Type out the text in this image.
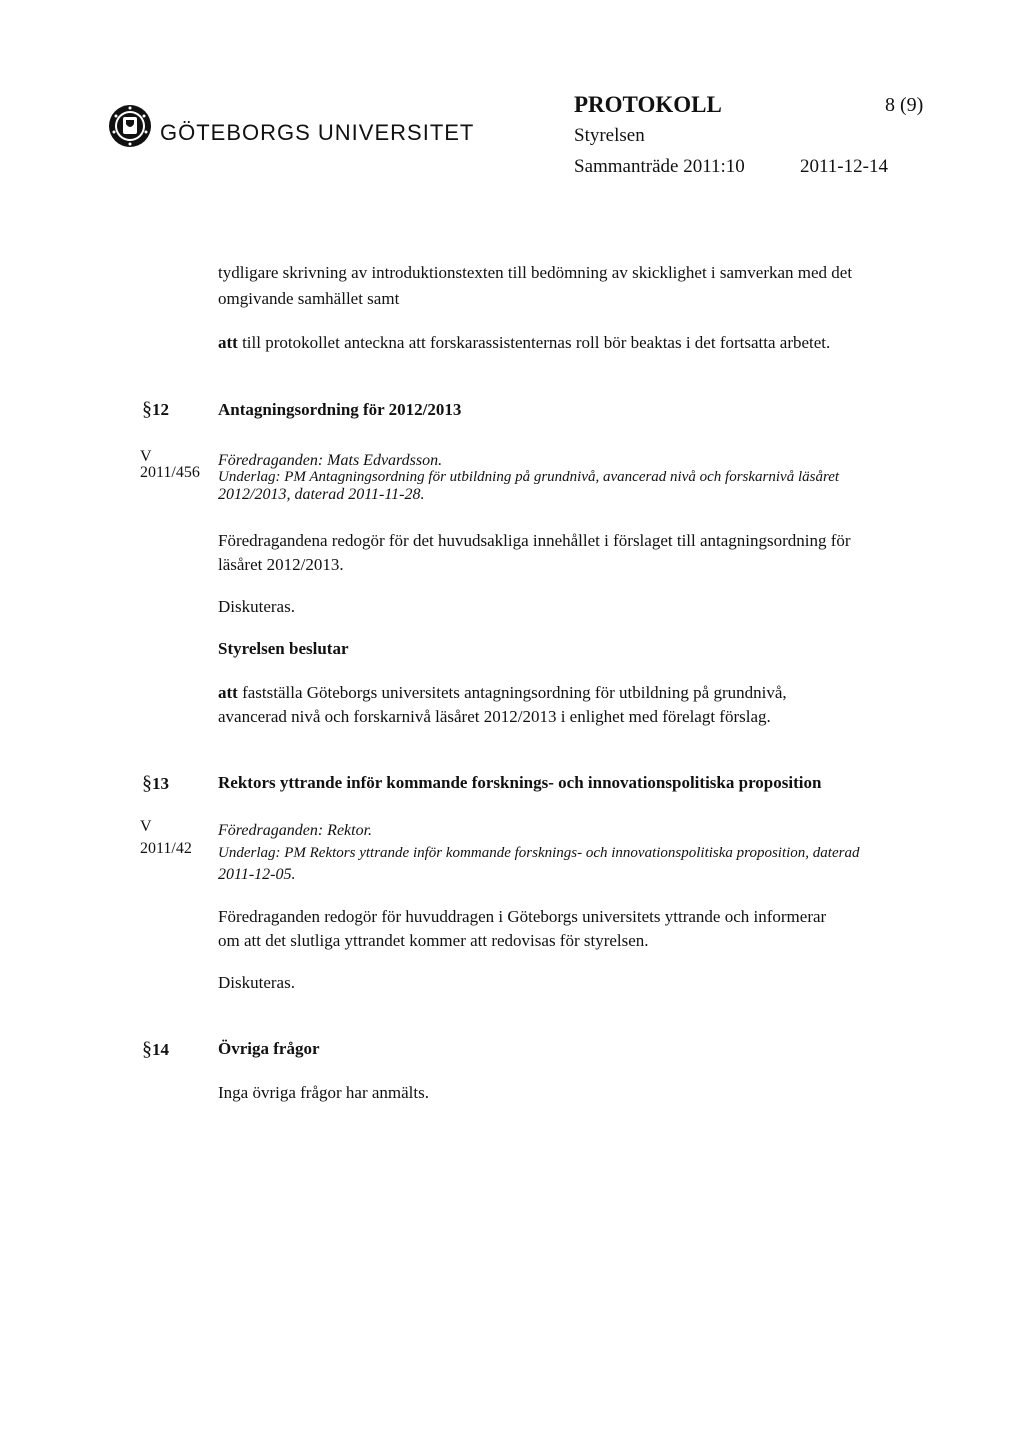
GÖTEBORGS UNIVERSITET
PROTOKOLL	8 (9)
Styrelsen
Sammanträde 2011:10	2011-12-14
tydligare skrivning av introduktionstexten till bedömning av skicklighet i samverkan med det
omgivande samhället samt
att till protokollet anteckna att forskarassistenternas roll bör beaktas i det fortsatta arbetet.
§12	Antagningsordning för 2012/2013
V
2011/456
Föredraganden: Mats Edvardsson.
Underlag: PM Antagningsordning för utbildning på grundnivå, avancerad nivå och forskarnivå läsåret
2012/2013, daterad 2011-11-28.
Föredragandena redogör för det huvudsakliga innehållet i förslaget till antagningsordning för
läsåret 2012/2013.
Diskuteras.
Styrelsen beslutar
att fastställa Göteborgs universitets antagningsordning för utbildning på grundnivå,
avancerad nivå och forskarnivå läsåret 2012/2013 i enlighet med förelagt förslag.
§13	Rektors yttrande inför kommande forsknings- och innovationspolitiska proposition
V
2011/42
Föredraganden: Rektor.
Underlag: PM Rektors yttrande inför kommande forsknings- och innovationspolitiska proposition, daterad
2011-12-05.
Föredraganden redogör för huvuddragen i Göteborgs universitets yttrande och informerar
om att det slutliga yttrandet kommer att redovisas för styrelsen.
Diskuteras.
§14	Övriga frågor
Inga övriga frågor har anmälts.
